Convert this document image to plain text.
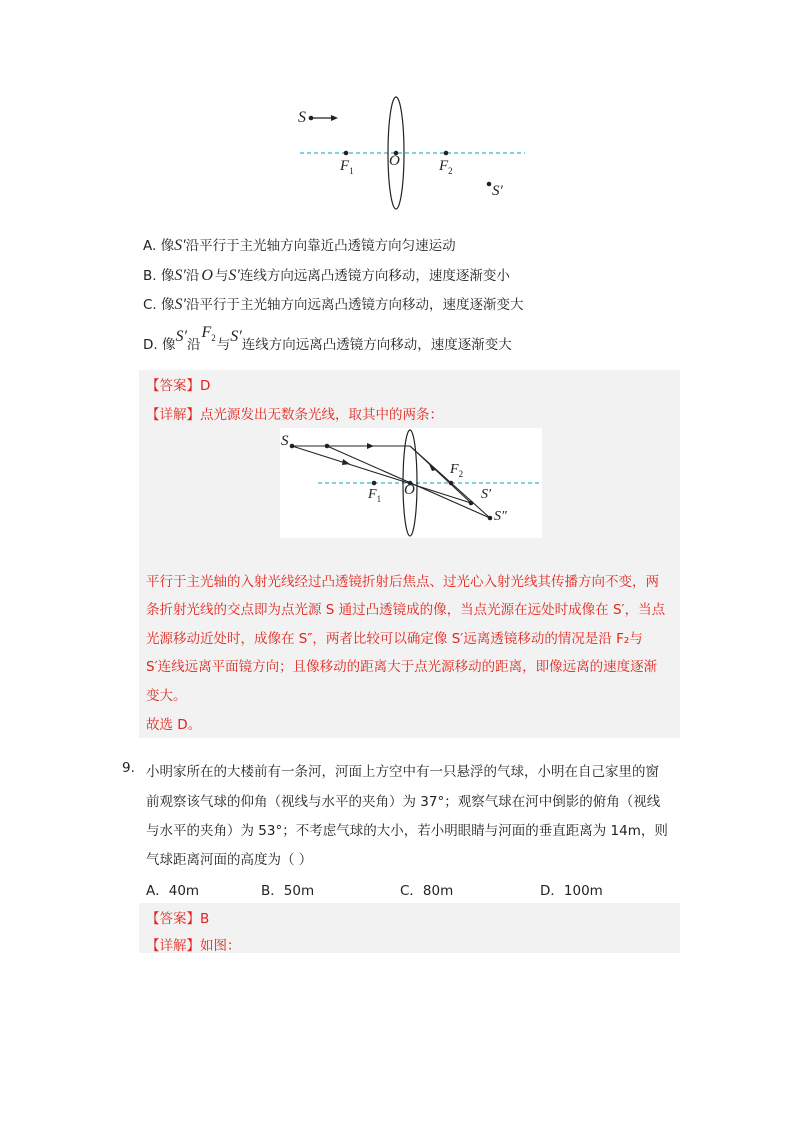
S
$F_1$
O	$F_2$
S′
A. 像S′沿平行于主光轴方向靠近凸透镜方向匀速运动
B. 像S′沿 O 与S′连线方向远离凸透镜方向移动，速度逐渐变小
C. 像S′沿平行于主光轴方向远离凸透镜方向移动，速度逐渐变大
D. 像S′沿$F_2$与S′连线方向远离凸透镜方向移动，速度逐渐变大
【答案】D
【详解】点光源发出无数条光线，取其中的两条：
S
$F_1$
O
$F_2$
S′
S″
平行于主光轴的入射光线经过凸透镜折射后焦点、过光心入射光线其传播方向不变，两
条折射光线的交点即为点光源 S 通过凸透镜成的像，当点光源在远处时成像在 S′，当点
光源移动近处时，成像在 S″，两者比较可以确定像 S′远离透镜移动的情况是沿 F₂与
S′连线远离平面镜方向；且像移动的距离大于点光源移动的距离，即像远离的速度逐渐
变大。
故选 D。
9. 小明家所在的大楼前有一条河，河面上方空中有一只悬浮的气球，小明在自己家里的窗
前观察该气球的仰角（视线与水平的夹角）为 37°；观察气球在河中倒影的俯角（视线
与水平的夹角）为 53°；不考虑气球的大小，若小明眼睛与河面的垂直距离为 14m，则
气球距离河面的高度为（ ）
A．40m	B．50m	C．80m	D．100m
【答案】B
【详解】如图：
